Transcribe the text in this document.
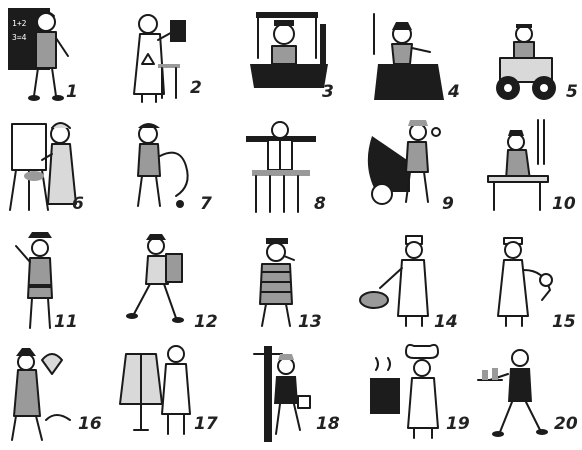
1+2
3=4
1	2	3	4	5
6	7	8	9	10
11	12	13	14	15
16	17	18	19	20
